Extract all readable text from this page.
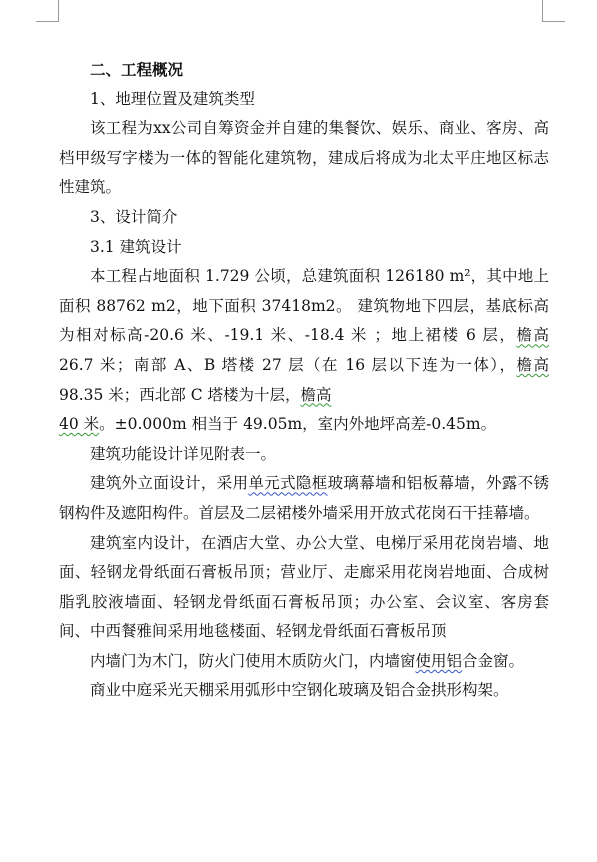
二、工程概况

1、地理位置及建筑类型

该工程为xx公司自筹资金并自建的集餐饮、娱乐、商业、客房、高档甲级写字楼为一体的智能化建筑物，建成后将成为北太平庄地区标志性建筑。

3、设计简介

3.1 建筑设计

本工程占地面积 1.729 公顷，总建筑面积 126180 m²，其中地上面积 88762 m2，地下面积 37418m2。 建筑物地下四层，基底标高为相对标高-20.6 米、-19.1 米、-18.4 米 ；地上裙楼 6 层，檐高 26.7 米；南部 A、B 塔楼 27 层（在 16 层以下连为一体），檐高 98.35 米；西北部 C 塔楼为十层，檐高
40 米。±0.000m 相当于 49.05m，室内外地坪高差-0.45m。

建筑功能设计详见附表一。

建筑外立面设计，采用单元式隐框玻璃幕墙和铝板幕墙，外露不锈钢构件及遮阳构件。首层及二层裙楼外墙采用开放式花岗石干挂幕墙。

建筑室内设计，在酒店大堂、办公大堂、电梯厅采用花岗岩墙、地面、轻钢龙骨纸面石膏板吊顶；营业厅、走廊采用花岗岩地面、合成树脂乳胶液墙面、轻钢龙骨纸面石膏板吊顶；办公室、会议室、客房套间、中西餐雅间采用地毯楼面、轻钢龙骨纸面石膏板吊顶

内墙门为木门，防火门使用木质防火门，内墙窗使用铝合金窗。

商业中庭采光天棚采用弧形中空钢化玻璃及铝合金拱形构架。
